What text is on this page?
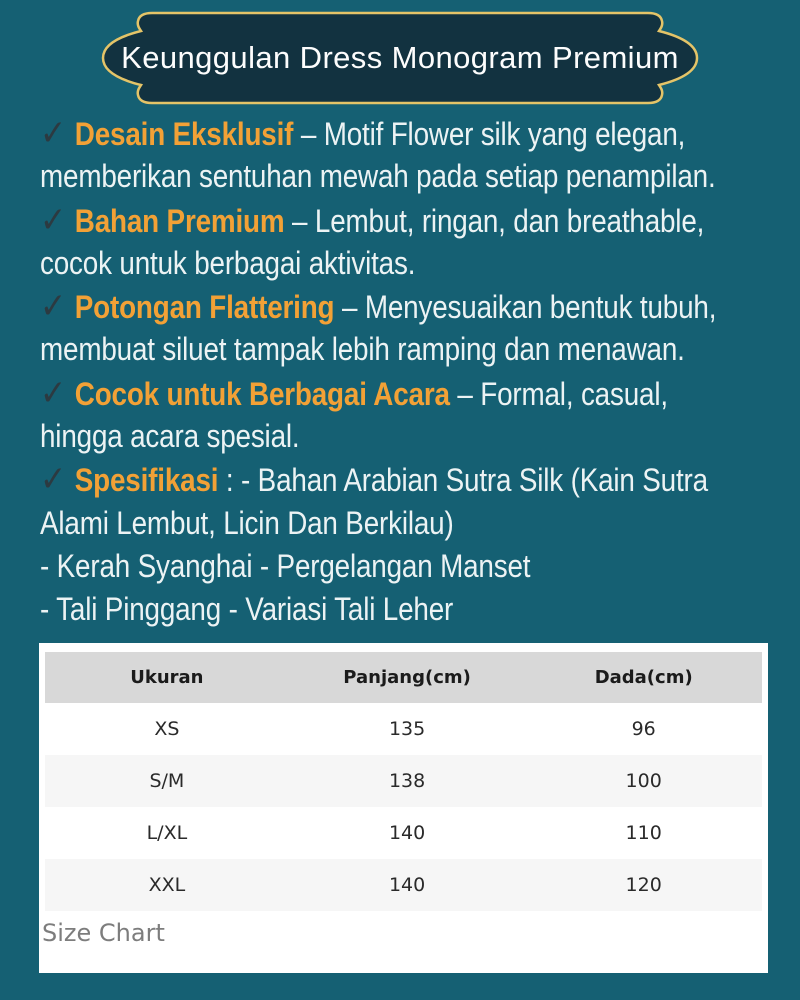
Keunggulan Dress Monogram Premium
✓ Desain Eksklusif – Motif Flower silk yang elegan,
memberikan sentuhan mewah pada setiap penampilan.
✓ Bahan Premium – Lembut, ringan, dan breathable,
cocok untuk berbagai aktivitas.
✓ Potongan Flattering – Menyesuaikan bentuk tubuh,
membuat siluet tampak lebih ramping dan menawan.
✓ Cocok untuk Berbagai Acara – Formal, casual,
hingga acara spesial.
✓ Spesifikasi : - Bahan Arabian Sutra Silk (Kain Sutra
Alami Lembut, Licin Dan Berkilau)
- Kerah Syanghai - Pergelangan Manset
- Tali Pinggang - Variasi Tali Leher
Ukuran	Panjang(cm)	Dada(cm)
XS	135	96
S/M	138	100
L/XL	140	110
XXL	140	120
Size Chart
